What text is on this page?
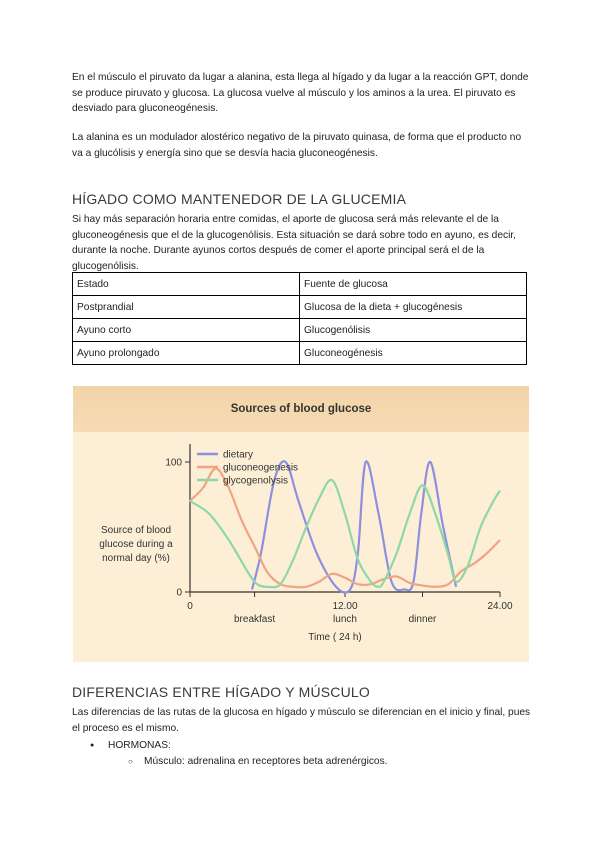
En el músculo el piruvato da lugar a alanina, esta llega al hígado y da lugar a la reacción GPT, donde se produce piruvato y glucosa. La glucosa vuelve al músculo y los aminos a la urea. El piruvato es desviado para gluconeogénesis.

La alanina es un modulador alostérico negativo de la piruvato quinasa, de forma que el producto no va a glucólisis y energía sino que se desvía hacia gluconeogénesis.

HÍGADO COMO MANTENEDOR DE LA GLUCEMIA

Si hay más separación horaria entre comidas, el aporte de glucosa será más relevante el de la gluconeogénesis que el de la glucogenólisis. Esta situación se dará sobre todo en ayuno, es decir, durante la noche. Durante ayunos cortos después de comer el aporte principal será el de la glucogenólisis.

Estado	Fuente de glucosa
Postprandial	Glucosa de la dieta + glucogénesis
Ayuno corto	Glucogenólisis
Ayuno prolongado	Gluconeogénesis
Sources of blood glucose
0
100
0
breakfast
12.00
lunch	dinner
24.00
Source of blood
glucose during a
normal day (%)
Time ( 24 h)
dietary
gluconeogenesis
glycogenolysis
DIFERENCIAS ENTRE HÍGADO Y MÚSCULO

Las diferencias de las rutas de la glucosa en hígado y músculo se diferencian en el inicio y final, pues el proceso es el mismo.

● HORMONAS:
○ Músculo: adrenalina en receptores beta adrenérgicos.
